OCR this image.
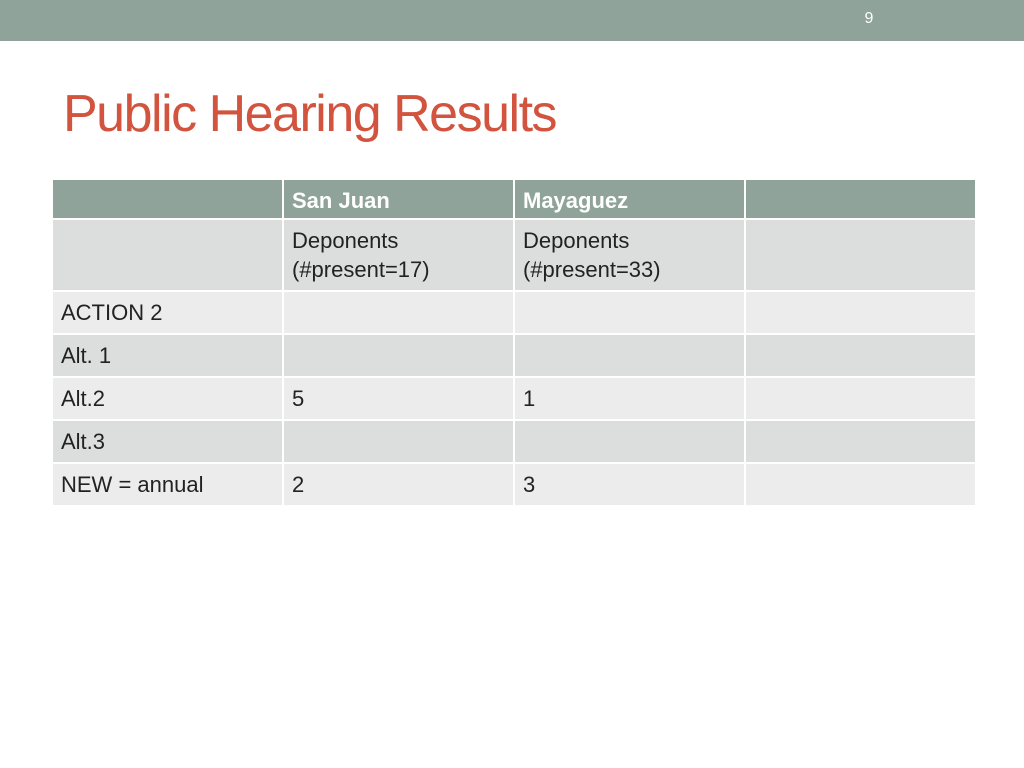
9
Public Hearing Results
	San Juan	Mayaguez	
	Deponents (#present=17)	Deponents (#present=33)	
ACTION 2			
Alt. 1			
Alt.2	5	1	
Alt.3			
NEW = annual	2	3	
